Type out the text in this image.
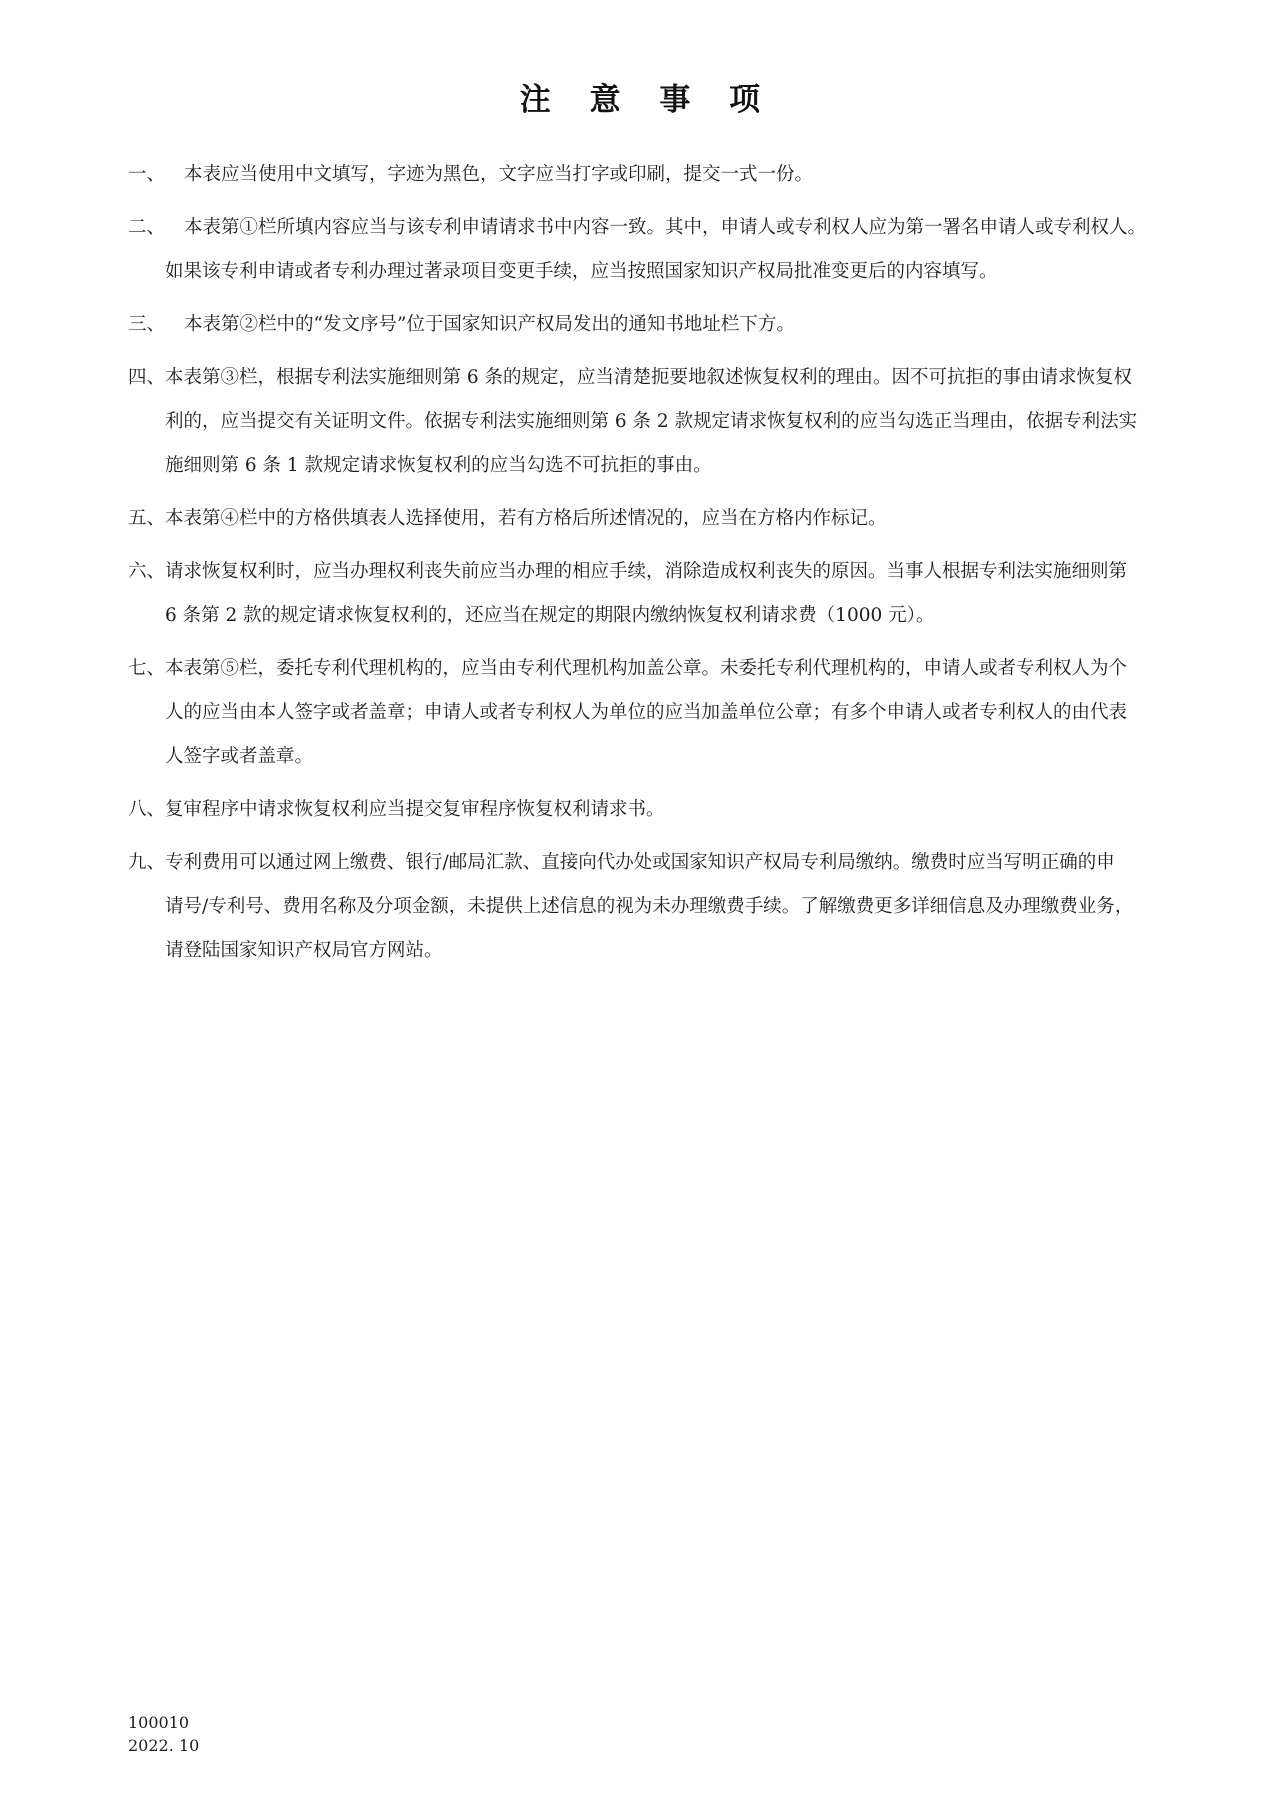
注 意 事 项
一、 本表应当使用中文填写，字迹为黑色，文字应当打字或印刷，提交一式一份。
二、 本表第①栏所填内容应当与该专利申请请求书中内容一致。其中，申请人或专利权人应为第一署名申请人或专利权人。
如果该专利申请或者专利办理过著录项目变更手续，应当按照国家知识产权局批准变更后的内容填写。
三、 本表第②栏中的“发文序号”位于国家知识产权局发出的通知书地址栏下方。
四、本表第③栏，根据专利法实施细则第 6 条的规定，应当清楚扼要地叙述恢复权利的理由。因不可抗拒的事由请求恢复权
利的，应当提交有关证明文件。依据专利法实施细则第 6 条 2 款规定请求恢复权利的应当勾选正当理由，依据专利法实
施细则第 6 条 1 款规定请求恢复权利的应当勾选不可抗拒的事由。
五、本表第④栏中的方格供填表人选择使用，若有方格后所述情况的，应当在方格内作标记。
六、请求恢复权利时，应当办理权利丧失前应当办理的相应手续，消除造成权利丧失的原因。当事人根据专利法实施细则第
6 条第 2 款的规定请求恢复权利的，还应当在规定的期限内缴纳恢复权利请求费（1000 元）。
七、本表第⑤栏，委托专利代理机构的，应当由专利代理机构加盖公章。未委托专利代理机构的，申请人或者专利权人为个
人的应当由本人签字或者盖章；申请人或者专利权人为单位的应当加盖单位公章；有多个申请人或者专利权人的由代表
人签字或者盖章。
八、复审程序中请求恢复权利应当提交复审程序恢复权利请求书。
九、专利费用可以通过网上缴费、银行/邮局汇款、直接向代办处或国家知识产权局专利局缴纳。缴费时应当写明正确的申
请号/专利号、费用名称及分项金额，未提供上述信息的视为未办理缴费手续。了解缴费更多详细信息及办理缴费业务，
请登陆国家知识产权局官方网站。
100010
2022. 10
